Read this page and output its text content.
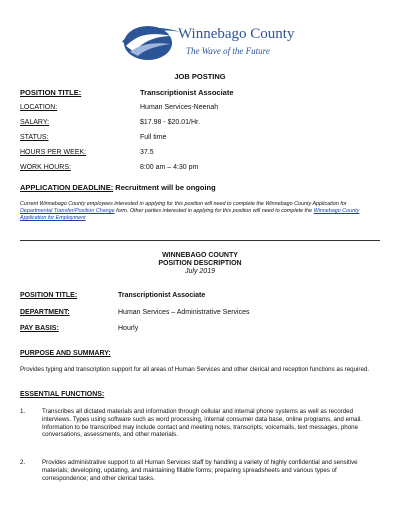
Winnebago County
The Wave of the Future
JOB POSTING
POSITION TITLE:	Transcriptionist Associate
LOCATION:	Human Services-Neenah
SALARY:	$17.98 - $20.01/Hr.
STATUS:	Full time
HOURS PER WEEK:	37.5
WORK HOURS:	8:00 am – 4:30 pm
APPLICATION DEADLINE: Recruitment will be ongoing
Current Winnebago County employees interested in applying for this position will need to complete the Winnebago County Application for Departmental Transfer/Position Change form. Other parties interested in applying for this position will need to complete the Winnebago County Application for Employment
WINNEBAGO COUNTY
POSITION DESCRIPTION
July 2019
POSITION TITLE:	Transcriptionist Associate
DEPARTMENT:	Human Services – Administrative Services
PAY BASIS:	Hourly
PURPOSE AND SUMMARY:
Provides typing and transcription support for all areas of Human Services and other clerical and reception functions as required.
ESSENTIAL FUNCTIONS:
1.	Transcribes all dictated materials and information through cellular and internal phone systems as well as recorded interviews. Types using software such as word processing, internal consumer data base, online programs, and email. Information to be transcribed may include contact and meeting notes, transcripts, voicemails, text messages, phone conversations, assessments, and other materials.
2.	Provides administrative support to all Human Services staff by handling a variety of highly confidential and sensitive materials; developing, updating, and maintaining fillable forms; preparing spreadsheets and various types of correspondence; and other clerical tasks.
